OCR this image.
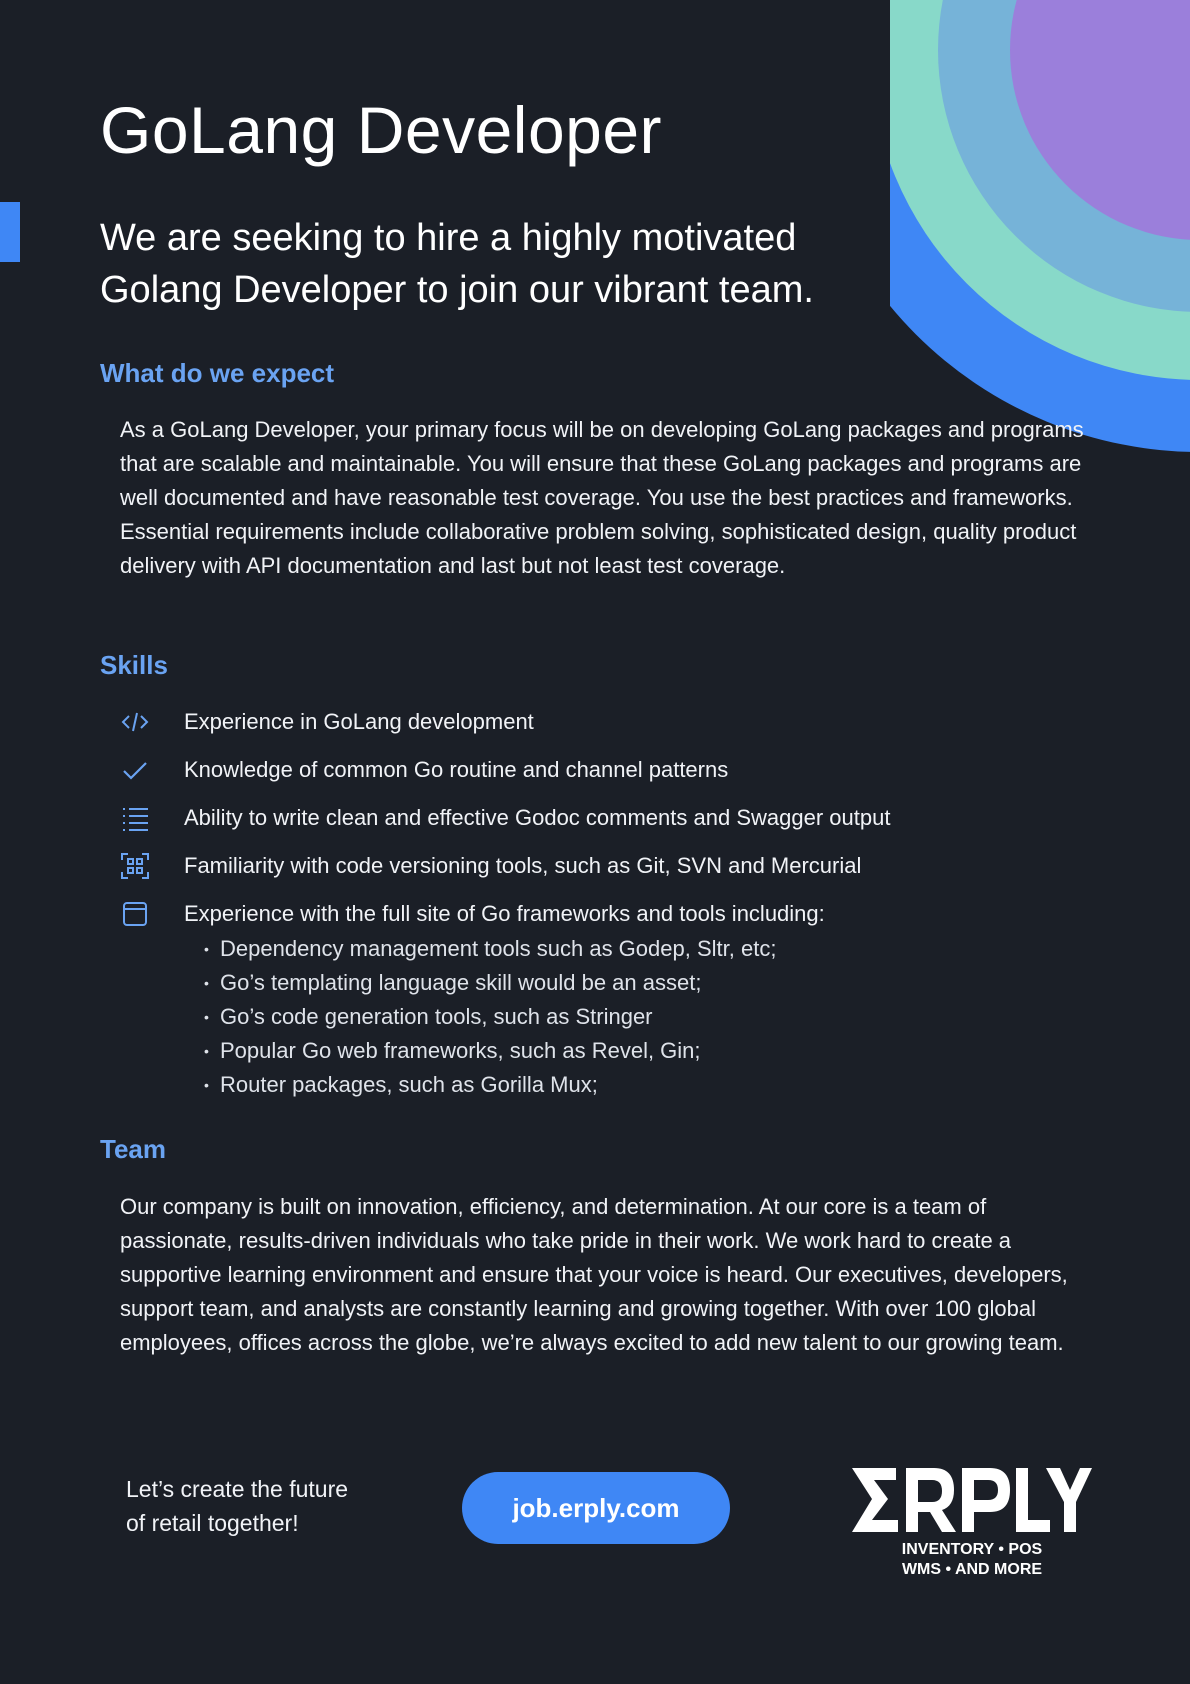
GoLang Developer
We are seeking to hire a highly motivated Golang Developer to join our vibrant team.
What do we expect

As a GoLang Developer, your primary focus will be on developing GoLang packages and programs that are scalable and maintainable. You will ensure that these GoLang packages and programs are well documented and have reasonable test coverage. You use the best practices and frameworks. Essential requirements include collaborative problem solving, sophisticated design, quality product delivery with API documentation and last but not least test coverage.

Skills
Experience in GoLang development
Knowledge of common Go routine and channel patterns
Ability to write clean and effective Godoc comments and Swagger output
Familiarity with code versioning tools, such as Git, SVN and Mercurial
Experience with the full site of Go frameworks and tools including:
• Dependency management tools such as Godep, Sltr, etc;
• Go’s templating language skill would be an asset;
• Go’s code generation tools, such as Stringer
• Popular Go web frameworks, such as Revel, Gin;
• Router packages, such as Gorilla Mux;
Team

Our company is built on innovation, efficiency, and determination. At our core is a team of passionate, results-driven individuals who take pride in their work. We work hard to create a supportive learning environment and ensure that your voice is heard. Our executives, developers, support team, and analysts are constantly learning and growing together. With over 100 global employees, offices across the globe, we’re always excited to add new talent to our growing team.

Let’s create the future
of retail together!	job.erply.com
INVENTORY • POS
WMS • AND MORE
